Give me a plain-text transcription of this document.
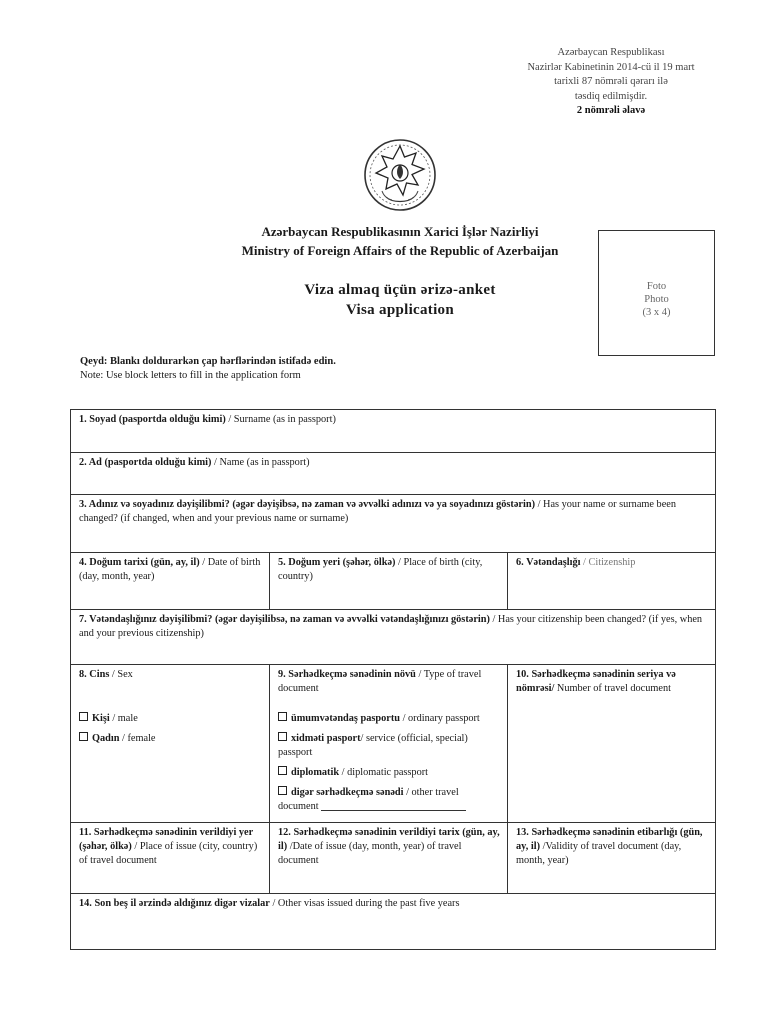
Azərbaycan Respublikası
Nazirlər Kabinetinin 2014-cü il 19 mart
tarixli 87 nömrəli qərarı ilə
təsdiq edilmişdir.
2 nömrəli əlavə
Azərbaycan Respublikasının Xarici İşlər Nazirliyi
Ministry of Foreign Affairs of the Republic of Azerbaijan
Viza almaq üçün ərizə-anket
Visa application
Foto
Photo
(3 x 4)
Qeyd: Blankı doldurarkən çap hərflərindən istifadə edin.
Note: Use block letters to fill in the application form
1. Soyad (pasportda olduğu kimi) / Surname (as in passport)
2. Ad (pasportda olduğu kimi) / Name (as in passport)
3. Adınız və soyadınız dəyişilibmi? (əgər dəyişibsə, nə zaman və əvvəlki adınızı və ya soyadınızı göstərin) / Has your name or surname been changed? (if changed, when and your previous name or surname)
4. Doğum tarixi (gün, ay, il) / Date of birth (day, month, year)
5. Doğum yeri (şəhər, ölkə) / Place of birth (city, country)
6. Vətəndaşlığı / Citizenship
7. Vətəndaşlığınız dəyişilibmi? (əgər dəyişilibsə, nə zaman və əvvəlki vətəndaşlığınızı göstərin) / Has your citizenship been changed? (if yes, when and your previous citizenship)
8. Cins / Sex
Kişi / male
Qadın / female
9. Sərhədkeçmə sənədinin növü / Type of travel document
ümumvətəndaş pasportu / ordinary passport
xidməti pasport/ service (official, special) passport
diplomatik / diplomatic passport
digər sərhədkeçmə sənədi / other travel document
10. Sərhədkeçmə sənədinin seriya və nömrəsi/ Number of travel document
11. Sərhədkeçmə sənədinin verildiyi yer (şəhər, ölkə) / Place of issue (city, country) of travel document
12. Sərhədkeçmə sənədinin verildiyi tarix (gün, ay, il) /Date of issue (day, month, year) of travel document
13. Sərhədkeçmə sənədinin etibarlığı (gün, ay, il) /Validity of travel document (day, month, year)
14. Son beş il ərzində aldığınız digər vizalar / Other visas issued during the past five years
